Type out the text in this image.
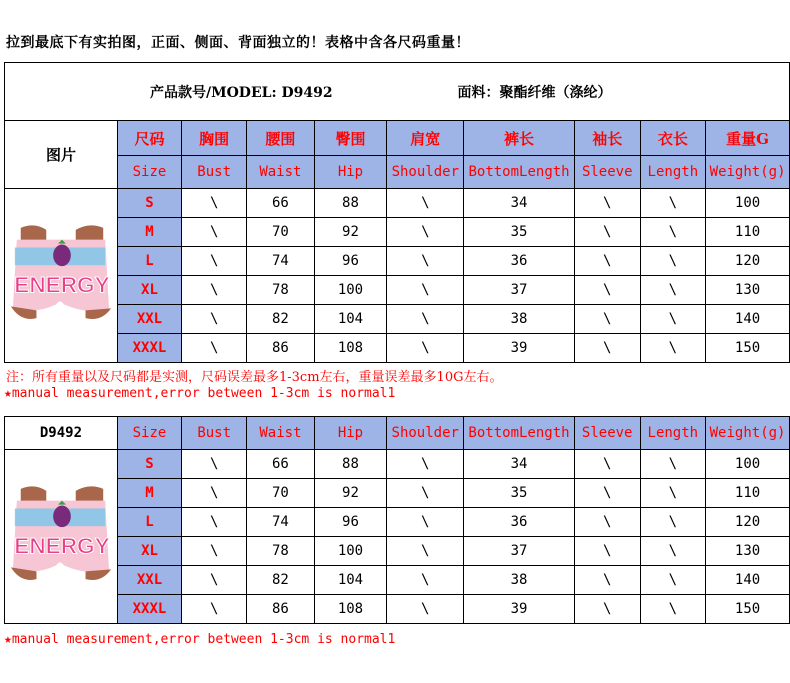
拉到最底下有实拍图，正面、侧面、背面独立的！表格中含各尺码重量！
产品款号/MODEL: D9492 面料：聚酯纤维（涤纶）									
图片	尺码	胸围	腰围	臀围	肩宽	裤长	袖长	衣长	重量G
	Size	Bust	Waist	Hip	Shoulder	BottomLength	Sleeve	Length	Weight(g)

ENERGY	S	\	66	88	\	34	\	\	100
	M	\	70	92	\	35	\	\	110
	L	\	74	96	\	36	\	\	120
	XL	\	78	100	\	37	\	\	130
	XXL	\	82	104	\	38	\	\	140
	XXXL	\	86	108	\	39	\	\	150
注：所有重量以及尺码都是实测，尺码误差最多1-3cm左右，重量误差最多10G左右。
★manual measurement,error between 1-3cm is normal1
D9492	Size	Bust	Waist	Hip	Shoulder	BottomLength	Sleeve	Length	Weight(g)

ENERGY	S	\	66	88	\	34	\	\	100
	M	\	70	92	\	35	\	\	110
	L	\	74	96	\	36	\	\	120
	XL	\	78	100	\	37	\	\	130
	XXL	\	82	104	\	38	\	\	140
	XXXL	\	86	108	\	39	\	\	150
★manual measurement,error between 1-3cm is normal1
